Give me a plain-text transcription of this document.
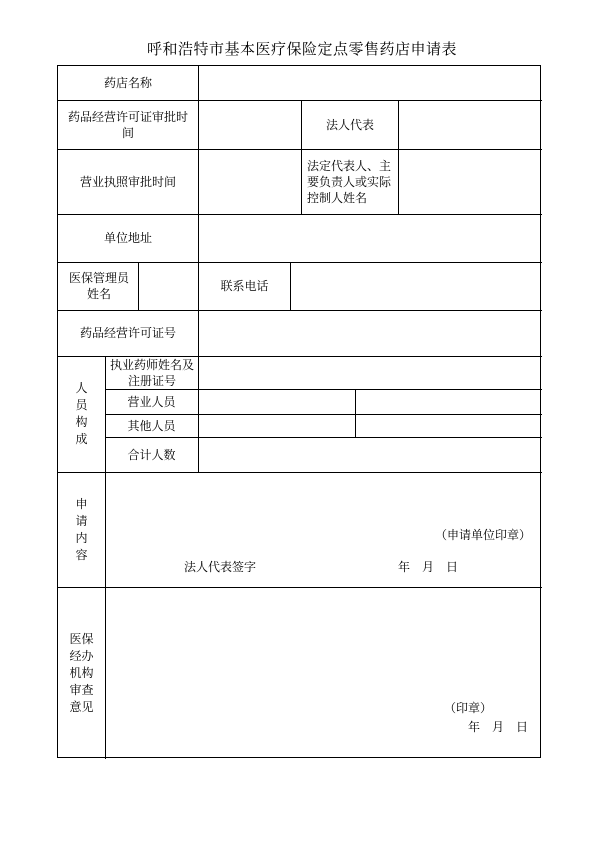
呼和浩特市基本医疗保险定点零售药店申请表
药店名称
药品经营许可证审批时间
法人代表
营业执照审批时间
法定代表人、主要负责人或实际控制人姓名
单位地址
医保管理员姓名
联系电话
药品经营许可证号
人员构成
执业药师姓名及注册证号
营业人员
其他人员
合计人数
申请内容
（申请单位印章）
法人代表签字	年　月　日
医保经办机构审查意见	（印章）
年　月　日
